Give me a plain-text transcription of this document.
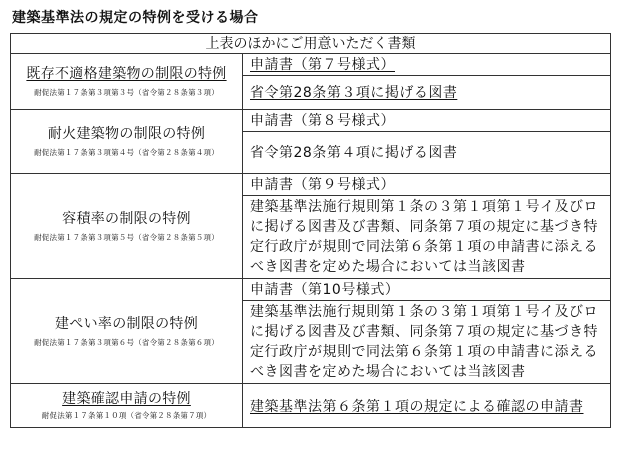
建築基準法の規定の特例を受ける場合
上表のほかにご用意いただく書類	

既存不適格建築物の制限の特例
耐促法第１７条第３項第３号（省令第２８条第３項）	申請書（第７号様式）
	省令第28条第３項に掲げる図書

耐火建築物の制限の特例
耐促法第１７条第３項第４号（省令第２８条第４項）	申請書（第８号様式）
	省令第28条第４項に掲げる図書

容積率の制限の特例
耐促法第１７条第３項第５号（省令第２８条第５項）	申請書（第９号様式）
	建築基準法施行規則第１条の３第１項第１号イ及びロに掲げる図書及び書類、同条第７項の規定に基づき特定行政庁が規則で同法第６条第１項の申請書に添えるべき図書を定めた場合においては当該図書

建ぺい率の制限の特例
耐促法第１７条第３項第６号（省令第２８条第６項）	申請書（第10号様式）
	建築基準法施行規則第１条の３第１項第１号イ及びロに掲げる図書及び書類、同条第７項の規定に基づき特定行政庁が規則で同法第６条第１項の申請書に添えるべき図書を定めた場合においては当該図書

建築確認申請の特例
耐促法第１７条第１０項（省令第２８条第７項）	建築基準法第６条第１項の規定による確認の申請書
